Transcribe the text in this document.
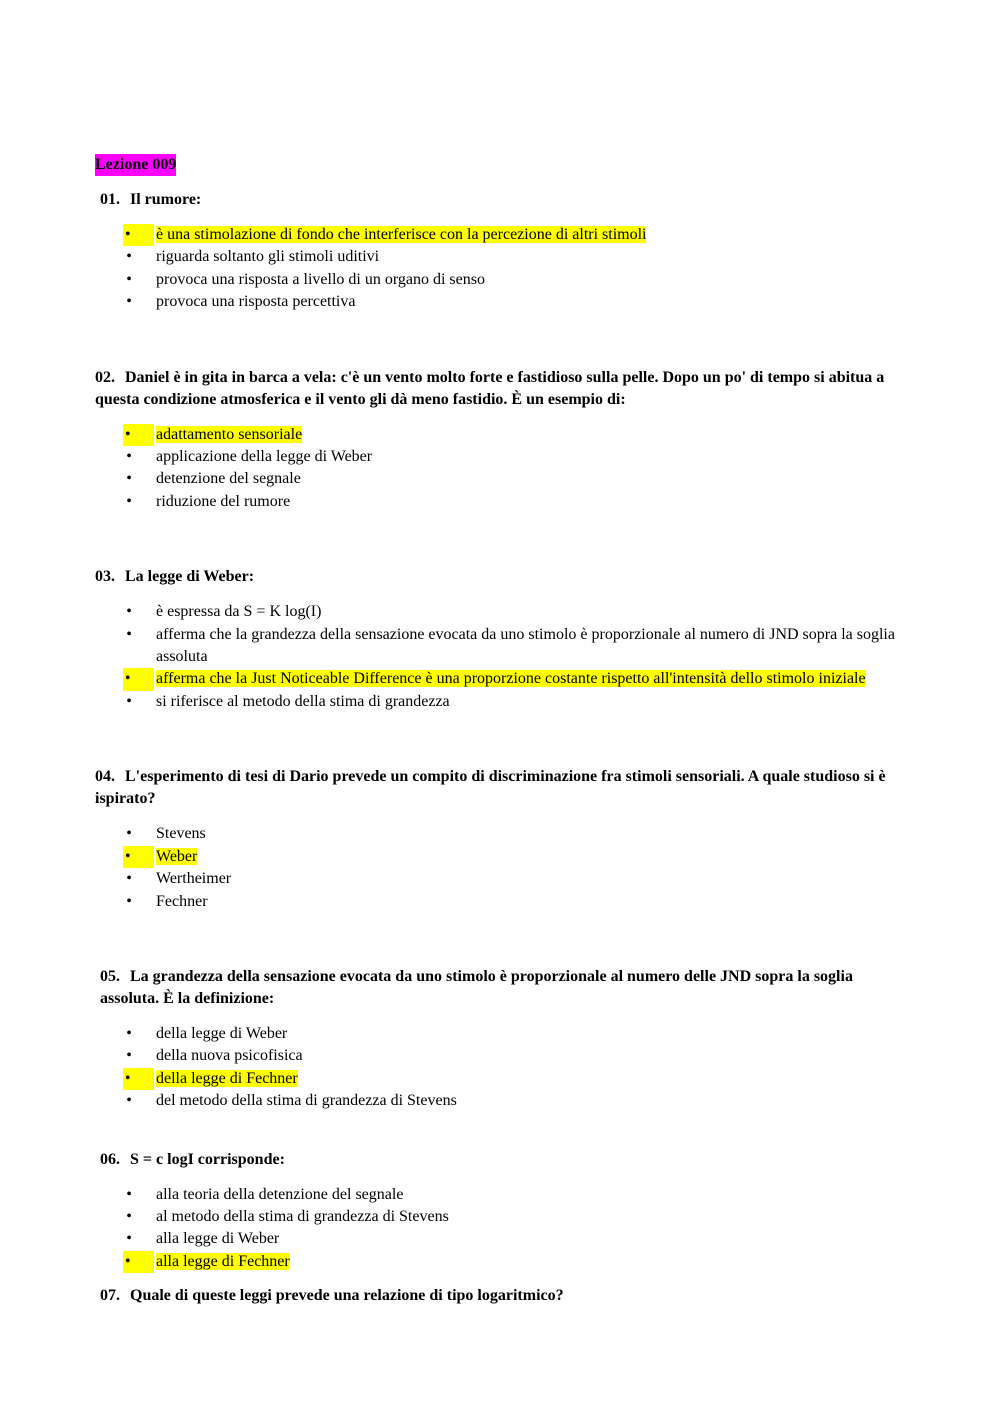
Lezione 009

01. Il rumore:

•	è una stimolazione di fondo che interferisce con la percezione di altri stimoli
• riguarda soltanto gli stimoli uditivi
• provoca una risposta a livello di un organo di senso
• provoca una risposta percettiva

02. Daniel è in gita in barca a vela: c'è un vento molto forte e fastidioso sulla pelle. Dopo un po' di tempo si abitua a questa condizione atmosferica e il vento gli dà meno fastidio. È un esempio di:

•	adattamento sensoriale
• applicazione della legge di Weber
• detenzione del segnale
• riduzione del rumore

03. La legge di Weber:

• è espressa da S = K log(I)
• afferma che la grandezza della sensazione evocata da uno stimolo è proporzionale al numero di JND sopra la soglia assoluta
•	afferma che la Just Noticeable Difference è una proporzione costante rispetto all'intensità dello stimolo iniziale
• si riferisce al metodo della stima di grandezza

04. L'esperimento di tesi di Dario prevede un compito di discriminazione fra stimoli sensoriali. A quale studioso si è ispirato?

• Stevens
•	Weber
• Wertheimer
• Fechner

05. La grandezza della sensazione evocata da uno stimolo è proporzionale al numero delle JND sopra la soglia assoluta. È la definizione:

• della legge di Weber
• della nuova psicofisica
•	della legge di Fechner
• del metodo della stima di grandezza di Stevens

06. S = c logI corrisponde:

• alla teoria della detenzione del segnale
• al metodo della stima di grandezza di Stevens
• alla legge di Weber
•	alla legge di Fechner

07. Quale di queste leggi prevede una relazione di tipo logaritmico?
